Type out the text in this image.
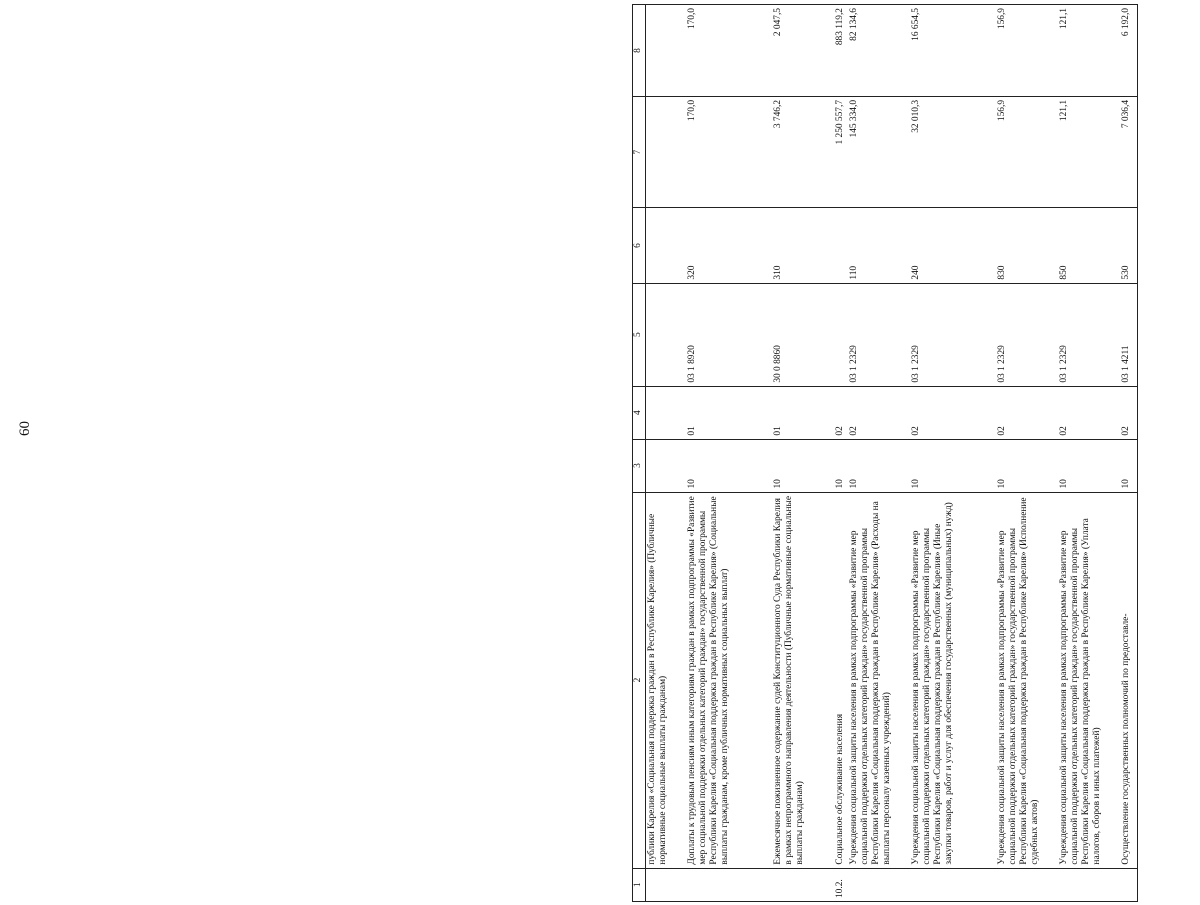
60
1	2	3	4	5	6	7	8
	публики Карелия «Социальная поддержка граждан в Республике Карелия» (Публичные нормативные социальные выплаты гражданам)						
	Доплаты к трудовым пенсиям иным категориям граждан в рамках подпрограммы «Развитие мер социальной поддержки отдельных категорий граждан» государственной программы Республики Карелия «Социальная поддержка граждан в Республике Карелия» (Социальные выплаты гражданам, кроме публичных нормативных социальных выплат)	10	01	03 1 8920	320	170,0	170,0
	Ежемесячное пожизненное содержание судей Конституционного Суда Республики Карелия в рамках непрограммного направления деятельности (Публичные нормативные социальные выплаты гражданам)	10	01	30 0 8860	310	3 746,2	2 047,5
10.2.	Социальное обслуживание населения	10	02			1 250 557,7	883 119,2
	Учреждения социальной защиты населения в рамках подпрограммы «Развитие мер социальной поддержки отдельных категорий граждан» государственной программы Республики Карелия «Социальная поддержка граждан в Республике Карелия» (Расходы на выплаты персоналу казенных учреждений)	10	02	03 1 2329	110	145 334,0	82 134,6
	Учреждения социальной защиты населения в рамках подпрограммы «Развитие мер социальной поддержки отдельных категорий граждан» государственной программы Республики Карелия «Социальная поддержка граждан в Республике Карелия» (Иные закупки товаров, работ и услуг для обеспечения государственных (муниципальных) нужд)	10	02	03 1 2329	240	32 010,3	16 654,5
	Учреждения социальной защиты населения в рамках подпрограммы «Развитие мер социальной поддержки отдельных категорий граждан» государственной программы Республики Карелия «Социальная поддержка граждан в Республике Карелия» (Исполнение судебных актов)	10	02	03 1 2329	830	156,9	156,9
	Учреждения социальной защиты населения в рамках подпрограммы «Развитие мер социальной поддержки отдельных категорий граждан» государственной программы Республики Карелия «Социальная поддержка граждан в Республике Карелия» (Уплата налогов, сборов и иных платежей)	10	02	03 1 2329	850	121,1	121,1
	Осуществление государственных полномочий по предоставле-	10	02	03 1 4211	530	7 036,4	6 192,0
